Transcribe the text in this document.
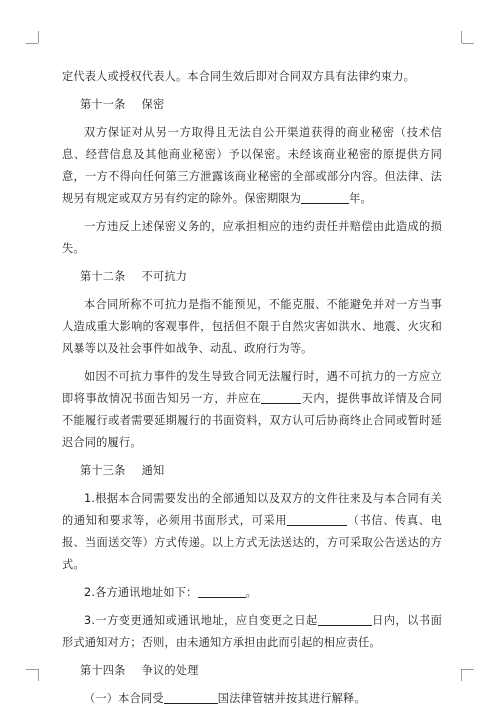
定代表人或授权代表人。本合同生效后即对合同双方具有法律约束力。

第十一条 保密

双方保证对从另一方取得且无法自公开渠道获得的商业秘密（技术信息、经营信息及其他商业秘密）予以保密。未经该商业秘密的原提供方同意，一方不得向任何第三方泄露该商业秘密的全部或部分内容。但法律、法规另有规定或双方另有约定的除外。保密期限为	年。

一方违反上述保密义务的，应承担相应的违约责任并赔偿由此造成的损失。

第十二条 不可抗力

本合同所称不可抗力是指不能预见，不能克服、不能避免并对一方当事人造成重大影响的客观事件，包括但不限于自然灾害如洪水、地震、火灾和风暴等以及社会事件如战争、动乱、政府行为等。

如因不可抗力事件的发生导致合同无法履行时，遇不可抗力的一方应立即将事故情况书面告知另一方，并应在	天内，提供事故详情及合同不能履行或者需要延期履行的书面资料，双方认可后协商终止合同或暂时延迟合同的履行。

第十三条 通知

1.根据本合同需要发出的全部通知以及双方的文件往来及与本合同有关的通知和要求等，必须用书面形式，可采用	（书信、传真、电报、当面送交等）方式传递。以上方式无法送达的，方可采取公告送达的方式。

2.各方通讯地址如下：	。

3.一方变更通知或通讯地址，应自变更之日起	日内，以书面形式通知对方；否则，由未通知方承担由此而引起的相应责任。

第十四条 争议的处理

（一）本合同受	国法律管辖并按其进行解释。
